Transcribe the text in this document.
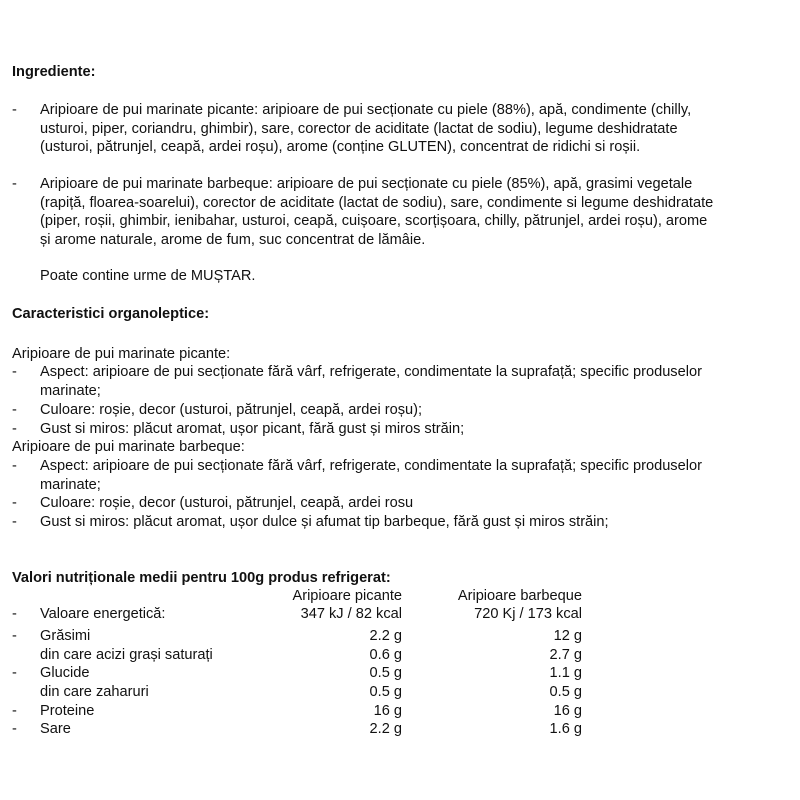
Ingrediente:
- Aripioare de pui marinate picante: aripioare de pui secționate cu piele (88%), apă, condimente (chilly,
usturoi, piper, coriandru, ghimbir), sare, corector de aciditate (lactat de sodiu), legume deshidratate
(usturoi, pătrunjel, ceapă, ardei roșu), arome (conține GLUTEN), concentrat de ridichi si roșii.
- Aripioare de pui marinate barbeque: aripioare de pui secționate cu piele (85%), apă, grasimi vegetale
(rapiță, floarea-soarelui), corector de aciditate (lactat de sodiu), sare, condimente si legume deshidratate
(piper, roșii, ghimbir, ienibahar, usturoi, ceapă, cuișoare, scorțișoara, chilly, pătrunjel, ardei roșu), arome
și arome naturale, arome de fum, suc concentrat de lămâie.
Poate contine urme de MUȘTAR.
Caracteristici organoleptice:
Aripioare de pui marinate picante:
- Aspect: aripioare de pui secționate fără vârf, refrigerate, condimentate la suprafață; specific produselor
marinate;
- Culoare: roșie, decor (usturoi, pătrunjel, ceapă, ardei roșu);
- Gust si miros: plăcut aromat, ușor picant, fără gust și miros străin;
Aripioare de pui marinate barbeque:
- Aspect: aripioare de pui secționate fără vârf, refrigerate, condimentate la suprafață; specific produselor
marinate;
- Culoare: roșie, decor (usturoi, pătrunjel, ceapă, ardei rosu
- Gust si miros: plăcut aromat, ușor dulce și afumat tip barbeque, fără gust și miros străin;
Valori nutriționale medii pentru 100g produs refrigerat:
Aripioare picante	Aripioare barbeque
- Valoare energetică:	347 kJ / 82 kcal	720 Kj / 173 kcal
- Grăsimi	2.2 g	12 g
din care acizi grași saturați	0.6 g	2.7 g
- Glucide	0.5 g	1.1 g
din care zaharuri	0.5 g	0.5 g
- Proteine	16 g	16 g
- Sare	2.2 g	1.6 g
